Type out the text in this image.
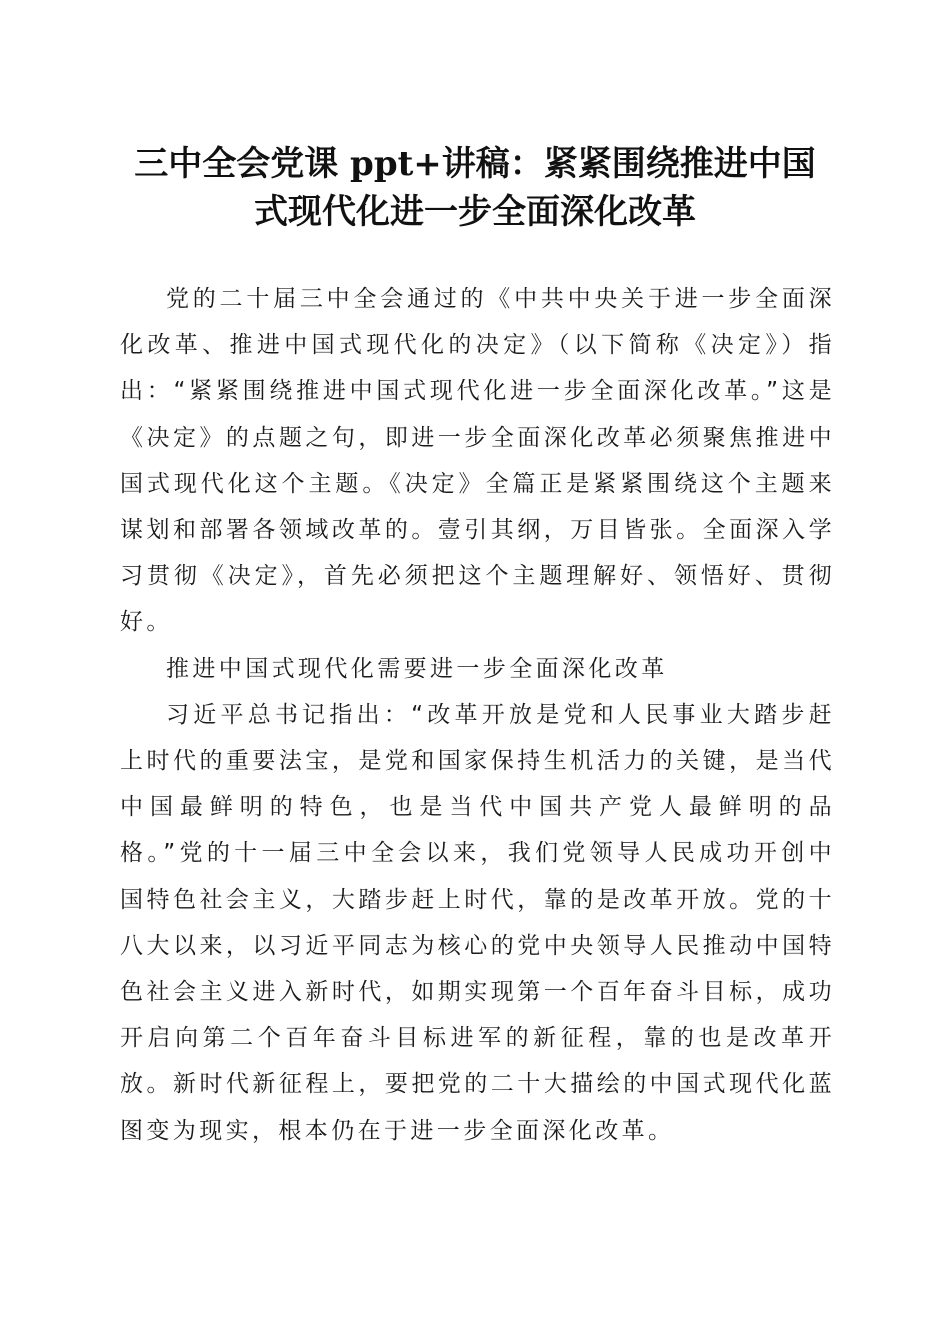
三中全会党课 ppt+讲稿：紧紧围绕推进中国
式现代化进一步全面深化改革

党的二十届三中全会通过的《中共中央关于进一步全面深化改革、推进中国式现代化的决定》（以下简称《决定》）指出：“紧紧围绕推进中国式现代化进一步全面深化改革。”这是《决定》的点题之句，即进一步全面深化改革必须聚焦推进中国式现代化这个主题。《决定》全篇正是紧紧围绕这个主题来谋划和部署各领域改革的。壹引其纲，万目皆张。全面深入学习贯彻《决定》，首先必须把这个主题理解好、领悟好、贯彻好。

推进中国式现代化需要进一步全面深化改革

习近平总书记指出：“改革开放是党和人民事业大踏步赶上时代的重要法宝，是党和国家保持生机活力的关键，是当代中国最鲜明的特色，也是当代中国共产党人最鲜明的品格。”党的十一届三中全会以来，我们党领导人民成功开创中国特色社会主义，大踏步赶上时代，靠的是改革开放。党的十八大以来，以习近平同志为核心的党中央领导人民推动中国特色社会主义进入新时代，如期实现第一个百年奋斗目标，成功开启向第二个百年奋斗目标进军的新征程，靠的也是改革开放。新时代新征程上，要把党的二十大描绘的中国式现代化蓝图变为现实，根本仍在于进一步全面深化改革。
